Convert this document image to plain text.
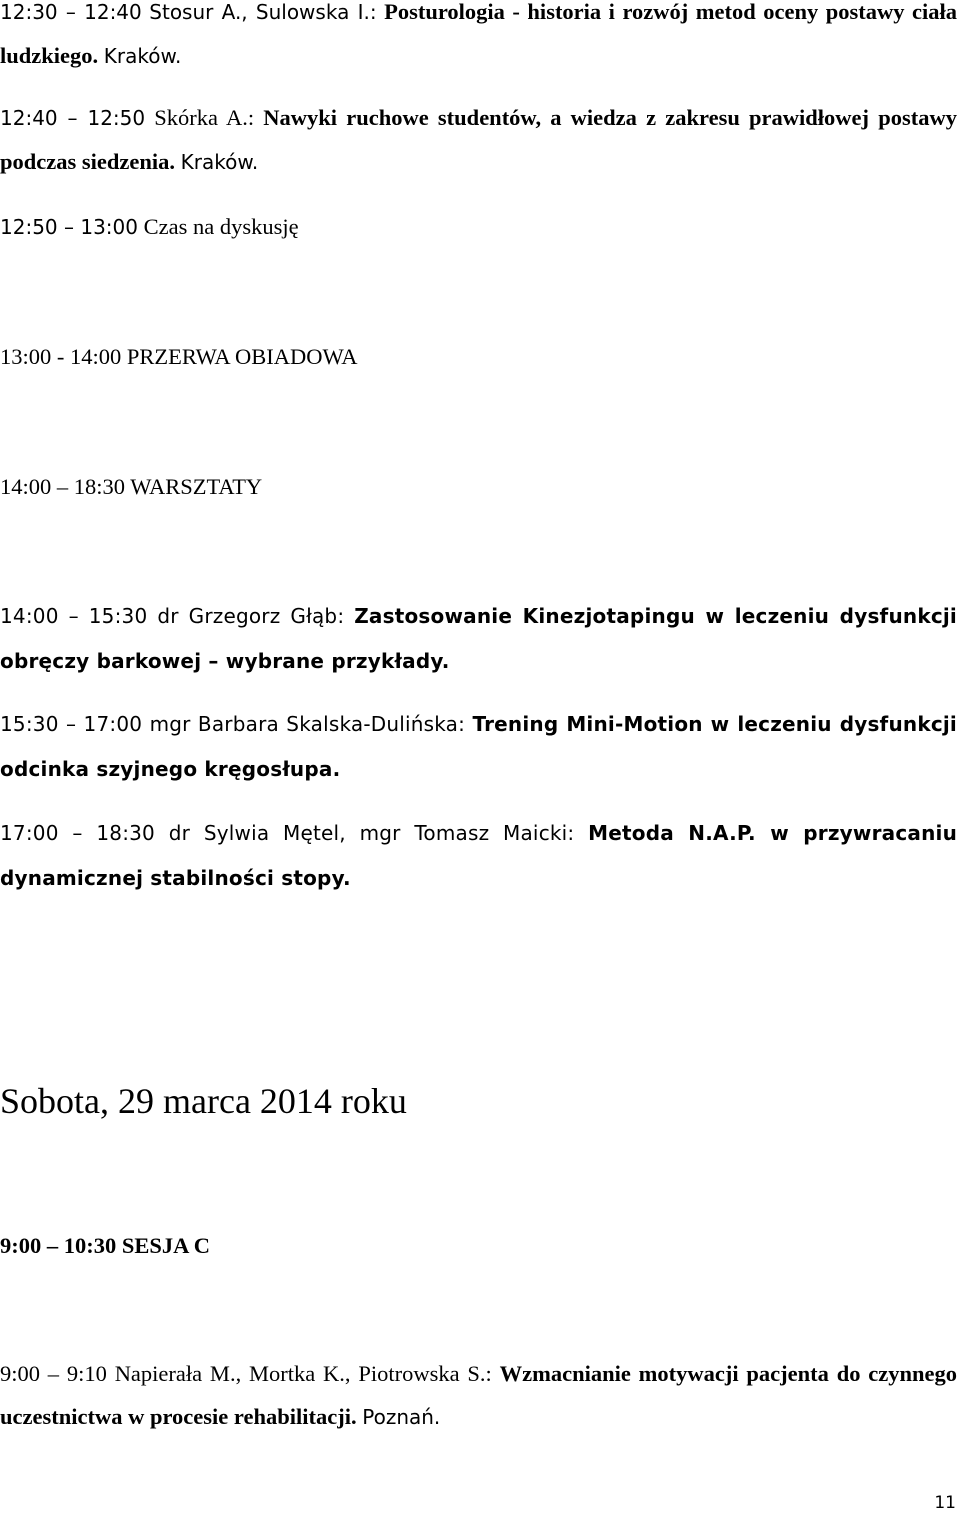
12:30 – 12:40 Stosur A., Sulowska I.: Posturologia - historia i rozwój metod oceny postawy ciała ludzkiego. Kraków.
12:40 – 12:50 Skórka A.: Nawyki ruchowe studentów, a wiedza z zakresu prawidłowej postawy podczas siedzenia. Kraków.
12:50 – 13:00 Czas na dyskusję
13:00 - 14:00 PRZERWA OBIADOWA
14:00 – 18:30 WARSZTATY
14:00 – 15:30 dr Grzegorz Głąb: Zastosowanie Kinezjotapingu w leczeniu dysfunkcji obręczy barkowej – wybrane przykłady.
15:30 – 17:00 mgr Barbara Skalska-Dulińska: Trening Mini-Motion w leczeniu dysfunkcji odcinka szyjnego kręgosłupa.
17:00 – 18:30 dr Sylwia Mętel, mgr Tomasz Maicki: Metoda N.A.P. w przywracaniu dynamicznej stabilności stopy.
Sobota, 29 marca 2014 roku
9:00 – 10:30 SESJA C
9:00 – 9:10 Napierała M., Mortka K., Piotrowska S.: Wzmacnianie motywacji pacjenta do czynnego uczestnictwa w procesie rehabilitacji. Poznań.
11
